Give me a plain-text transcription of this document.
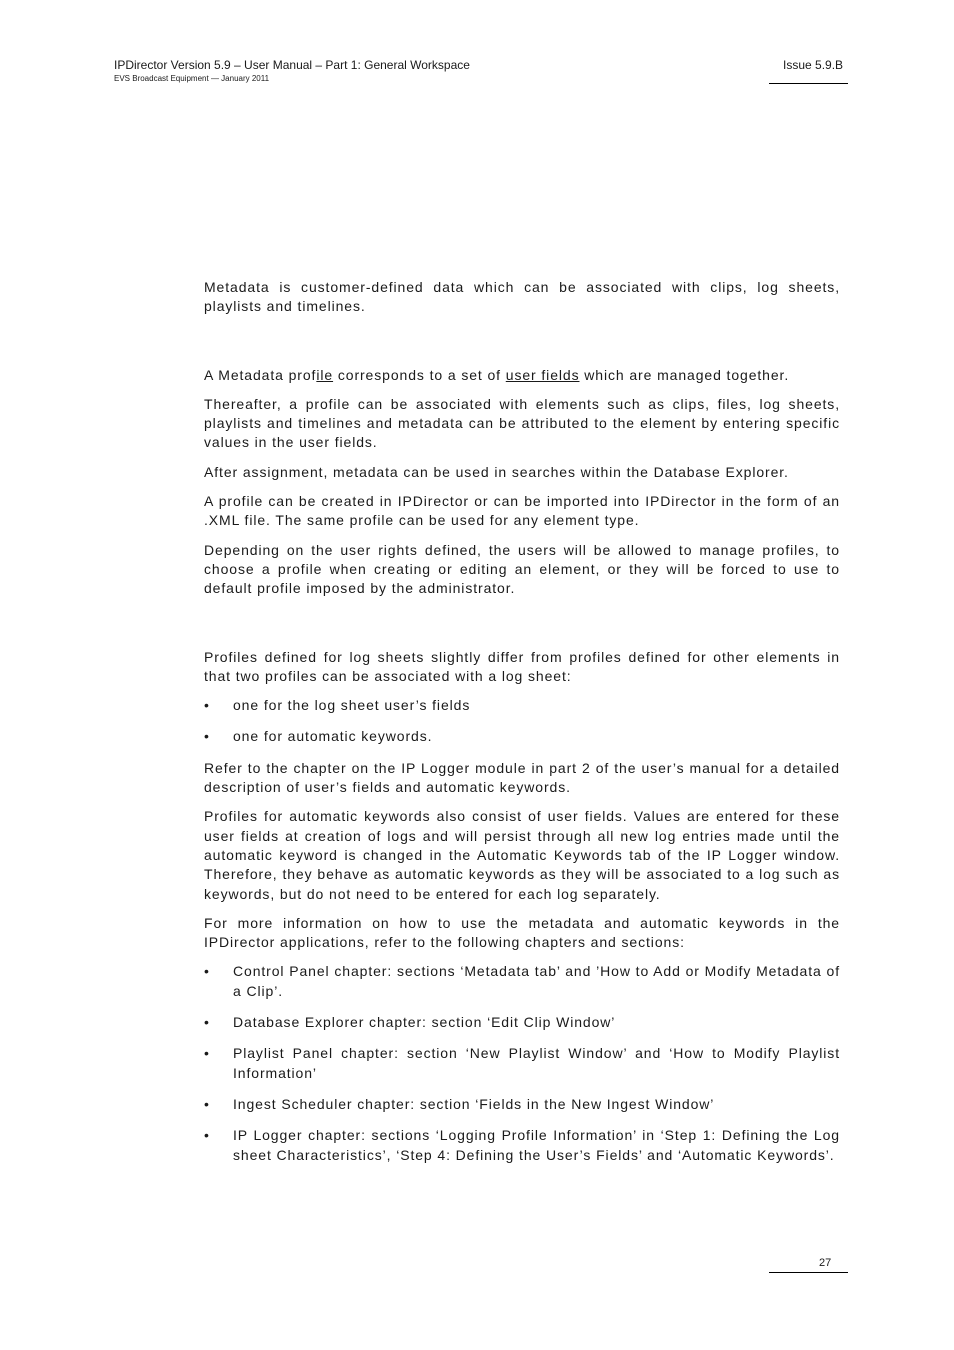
IPDirector Version 5.9 – User Manual – Part 1: General Workspace
EVS Broadcast Equipment — January 2011
Issue 5.9.B

Metadata is customer-defined data which can be associated with clips, log sheets, playlists and timelines.

A Metadata profile corresponds to a set of user fields which are managed together.

Thereafter, a profile can be associated with elements such as clips, files, log sheets, playlists and timelines and metadata can be attributed to the element by entering specific values in the user fields.

After assignment, metadata can be used in searches within the Database Explorer.

A profile can be created in IPDirector or can be imported into IPDirector in the form of an .XML file. The same profile can be used for any element type.

Depending on the user rights defined, the users will be allowed to manage profiles, to choose a profile when creating or editing an element, or they will be forced to use to default profile imposed by the administrator.

Profiles defined for log sheets slightly differ from profiles defined for other elements in that two profiles can be associated with a log sheet:

• one for the log sheet user’s fields
• one for automatic keywords.

Refer to the chapter on the IP Logger module in part 2 of the user’s manual for a detailed description of user’s fields and automatic keywords.

Profiles for automatic keywords also consist of user fields. Values are entered for these user fields at creation of logs and will persist through all new log entries made until the automatic keyword is changed in the Automatic Keywords tab of the IP Logger window. Therefore, they behave as automatic keywords as they will be associated to a log such as keywords, but do not need to be entered for each log separately.

For more information on how to use the metadata and automatic keywords in the IPDirector applications, refer to the following chapters and sections:

• Control Panel chapter: sections ‘Metadata tab’ and ’How to Add or Modify Metadata of a Clip’.
• Database Explorer chapter: section ‘Edit Clip Window’
• Playlist Panel chapter: section ‘New Playlist Window’ and ‘How to Modify Playlist Information’
• Ingest Scheduler chapter: section ‘Fields in the New Ingest Window’
• IP Logger chapter: sections ‘Logging Profile Information’ in ‘Step 1: Defining the Log sheet Characteristics’, ‘Step 4: Defining the User’s Fields’ and ‘Automatic Keywords’.
27
